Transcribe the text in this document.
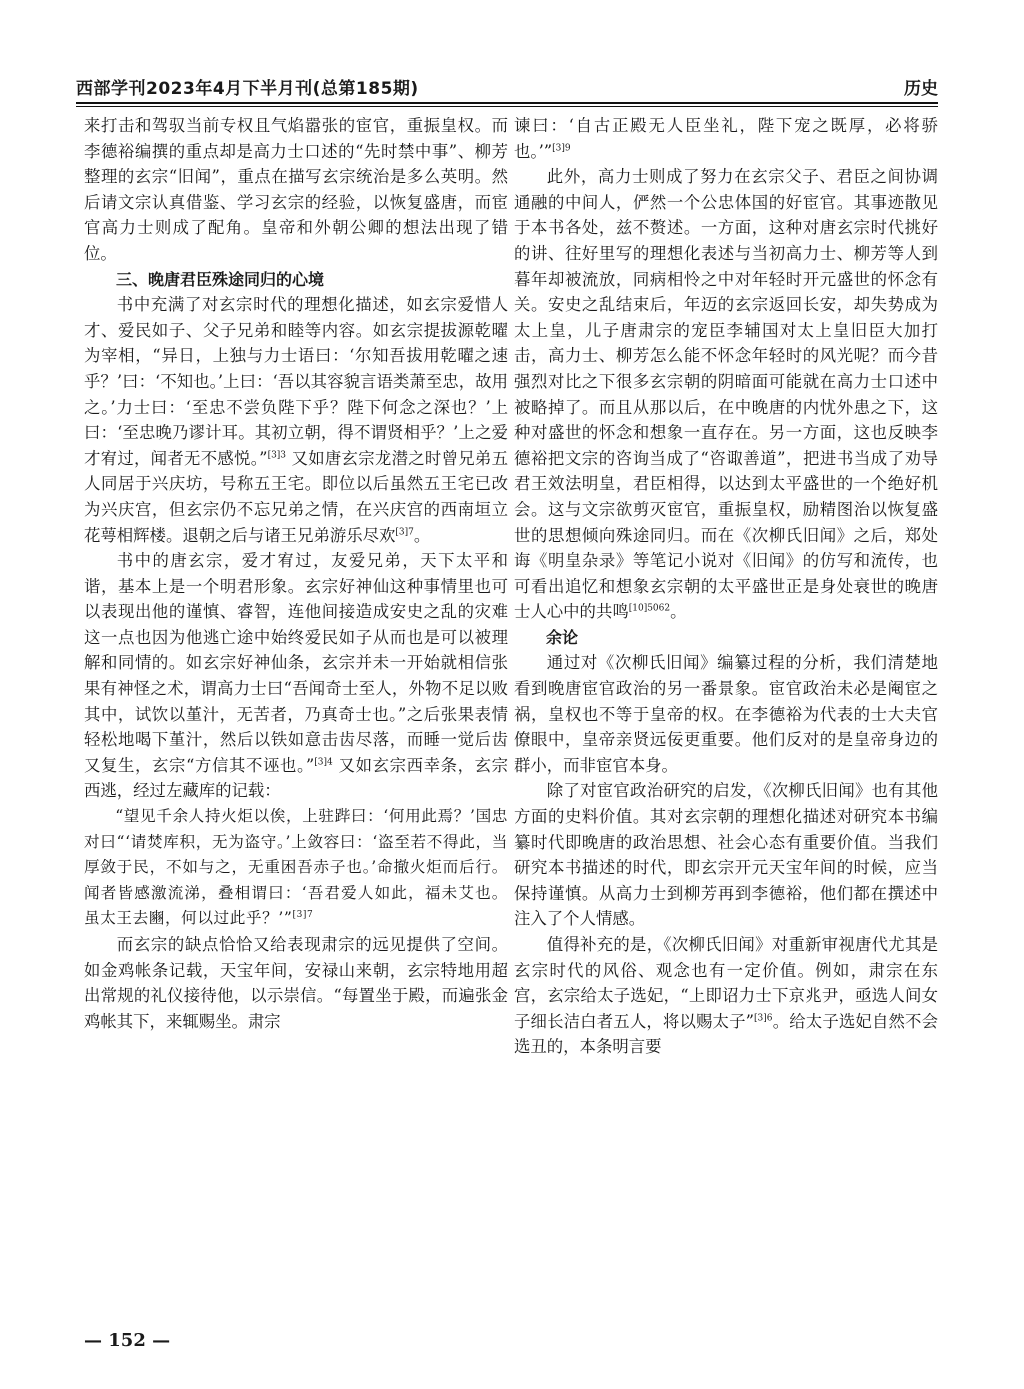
西部学刊2023年4月下半月刊(总第185期)	历史

来打击和驾驭当前专权且气焰嚣张的宦官，重振皇权。而李德裕编撰的重点却是高力士口述的“先时禁中事”、柳芳整理的玄宗“旧闻”，重点在描写玄宗统治是多么英明。然后请文宗认真借鉴、学习玄宗的经验，以恢复盛唐，而宦官高力士则成了配角。皇帝和外朝公卿的想法出现了错位。

三、晚唐君臣殊途同归的心境

书中充满了对玄宗时代的理想化描述，如玄宗爱惜人才、爱民如子、父子兄弟和睦等内容。如玄宗提拔源乾曜为宰相，“异日，上独与力士语曰：‘尔知吾拔用乾曜之速乎？’曰：‘不知也。’上曰：‘吾以其容貌言语类萧至忠，故用之。’力士曰：‘至忠不尝负陛下乎？陛下何念之深也？’上曰：‘至忠晚乃谬计耳。其初立朝，得不谓贤相乎？’上之爱才宥过，闻者无不感悦。”$^{[3]3}$ 又如唐玄宗龙潜之时曾兄弟五人同居于兴庆坊，号称五王宅。即位以后虽然五王宅已改为兴庆宫，但玄宗仍不忘兄弟之情，在兴庆宫的西南垣立花萼相辉楼。退朝之后与诸王兄弟游乐尽欢$^{[3]7}$。

书中的唐玄宗，爱才宥过，友爱兄弟，天下太平和谐，基本上是一个明君形象。玄宗好神仙这种事情里也可以表现出他的谨慎、睿智，连他间接造成安史之乱的灾难这一点也因为他逃亡途中始终爱民如子从而也是可以被理解和同情的。如玄宗好神仙条，玄宗并未一开始就相信张果有神怪之术，谓高力士曰“吾闻奇士至人，外物不足以败其中，试饮以堇汁，无苦者，乃真奇士也。”之后张果表情轻松地喝下堇汁，然后以铁如意击齿尽落，而睡一觉后齿又复生，玄宗“方信其不诬也。”$^{[3]4}$ 又如玄宗西幸条，玄宗西逃，经过左藏库的记载：

“望见千余人持火炬以俟，上驻跸曰：‘何用此焉？’国忠对曰“‘请焚库积，无为盗守。’上敛容曰：‘盗至若不得此，当厚敛于民，不如与之，无重困吾赤子也。’命撤火炬而后行。闻者皆感激流涕，叠相谓曰：‘吾君爱人如此，福未艾也。虽太王去豳，何以过此乎？’”$^{[3]7}$

而玄宗的缺点恰恰又给表现肃宗的远见提供了空间。如金鸡帐条记载，天宝年间，安禄山来朝，玄宗特地用超出常规的礼仪接待他，以示崇信。“每置坐于殿，而遍张金鸡帐其下，来辄赐坐。肃宗

谏曰：‘自古正殿无人臣坐礼，陛下宠之既厚，必将骄也。’”$^{[3]9}$

此外，高力士则成了努力在玄宗父子、君臣之间协调通融的中间人，俨然一个公忠体国的好宦官。其事迹散见于本书各处，兹不赘述。一方面，这种对唐玄宗时代挑好的讲、往好里写的理想化表述与当初高力士、柳芳等人到暮年却被流放，同病相怜之中对年轻时开元盛世的怀念有关。安史之乱结束后，年迈的玄宗返回长安，却失势成为太上皇，儿子唐肃宗的宠臣李辅国对太上皇旧臣大加打击，高力士、柳芳怎么能不怀念年轻时的风光呢？而今昔强烈对比之下很多玄宗朝的阴暗面可能就在高力士口述中被略掉了。而且从那以后，在中晚唐的内忧外患之下，这种对盛世的怀念和想象一直存在。另一方面，这也反映李德裕把文宗的咨询当成了“咨诹善道”，把进书当成了劝导君王效法明皇，君臣相得，以达到太平盛世的一个绝好机会。这与文宗欲剪灭宦官，重振皇权，励精图治以恢复盛世的思想倾向殊途同归。而在《次柳氏旧闻》之后，郑处诲《明皇杂录》等笔记小说对《旧闻》的仿写和流传，也可看出追忆和想象玄宗朝的太平盛世正是身处衰世的晚唐士人心中的共鸣$^{[10]5062}$。

余论

通过对《次柳氏旧闻》编纂过程的分析，我们清楚地看到晚唐宦官政治的另一番景象。宦官政治未必是阉宦之祸，皇权也不等于皇帝的权。在李德裕为代表的士大夫官僚眼中，皇帝亲贤远佞更重要。他们反对的是皇帝身边的群小，而非宦官本身。

除了对宦官政治研究的启发，《次柳氏旧闻》也有其他方面的史料价值。其对玄宗朝的理想化描述对研究本书编纂时代即晚唐的政治思想、社会心态有重要价值。当我们研究本书描述的时代，即玄宗开元天宝年间的时候，应当保持谨慎。从高力士到柳芳再到李德裕，他们都在撰述中注入了个人情感。

值得补充的是，《次柳氏旧闻》对重新审视唐代尤其是玄宗时代的风俗、观念也有一定价值。例如，肃宗在东宫，玄宗给太子选妃，“上即诏力士下京兆尹，亟选人间女子细长洁白者五人，将以赐太子”$^{[3]6}$。给太子选妃自然不会选丑的，本条明言要

— 152 —
